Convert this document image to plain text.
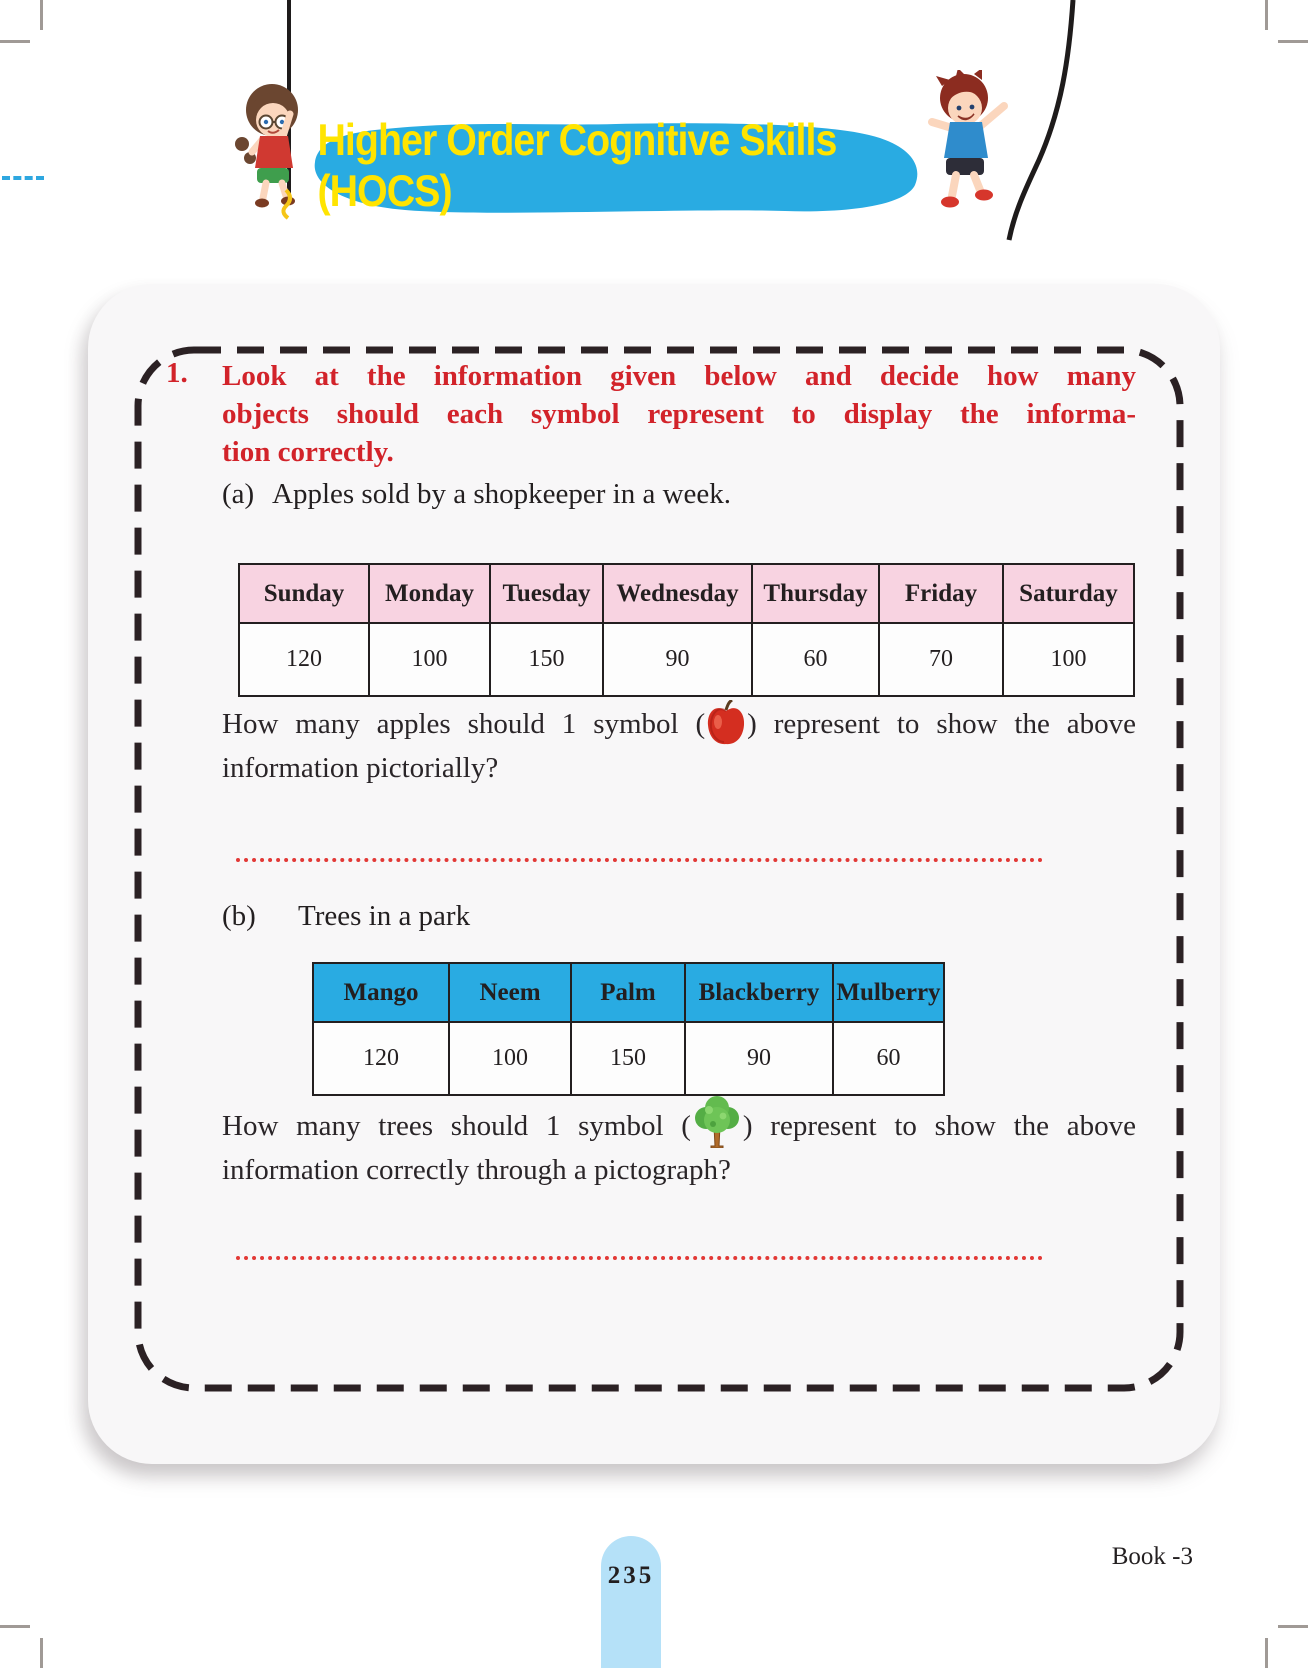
Higher Order Cognitive Skills (HOCS)
1.	Look at the information given below and decide how many
objects should each symbol represent to display the informa-
tion correctly.
(a) Apples sold by a shopkeeper in a week.
Sunday	Monday	Tuesday	Wednesday	Thursday	Friday	Saturday
120	100	150	90	60	70	100
How many apples should 1 symbol ( ) represent to show the above
information pictorially?
(b) Trees in a park
Mango	Neem	Palm	Blackberry	Mulberry
120	100	150	90	60
How many trees should 1 symbol ( ) represent to show the above
information correctly through a pictograph?
235
Book -3
